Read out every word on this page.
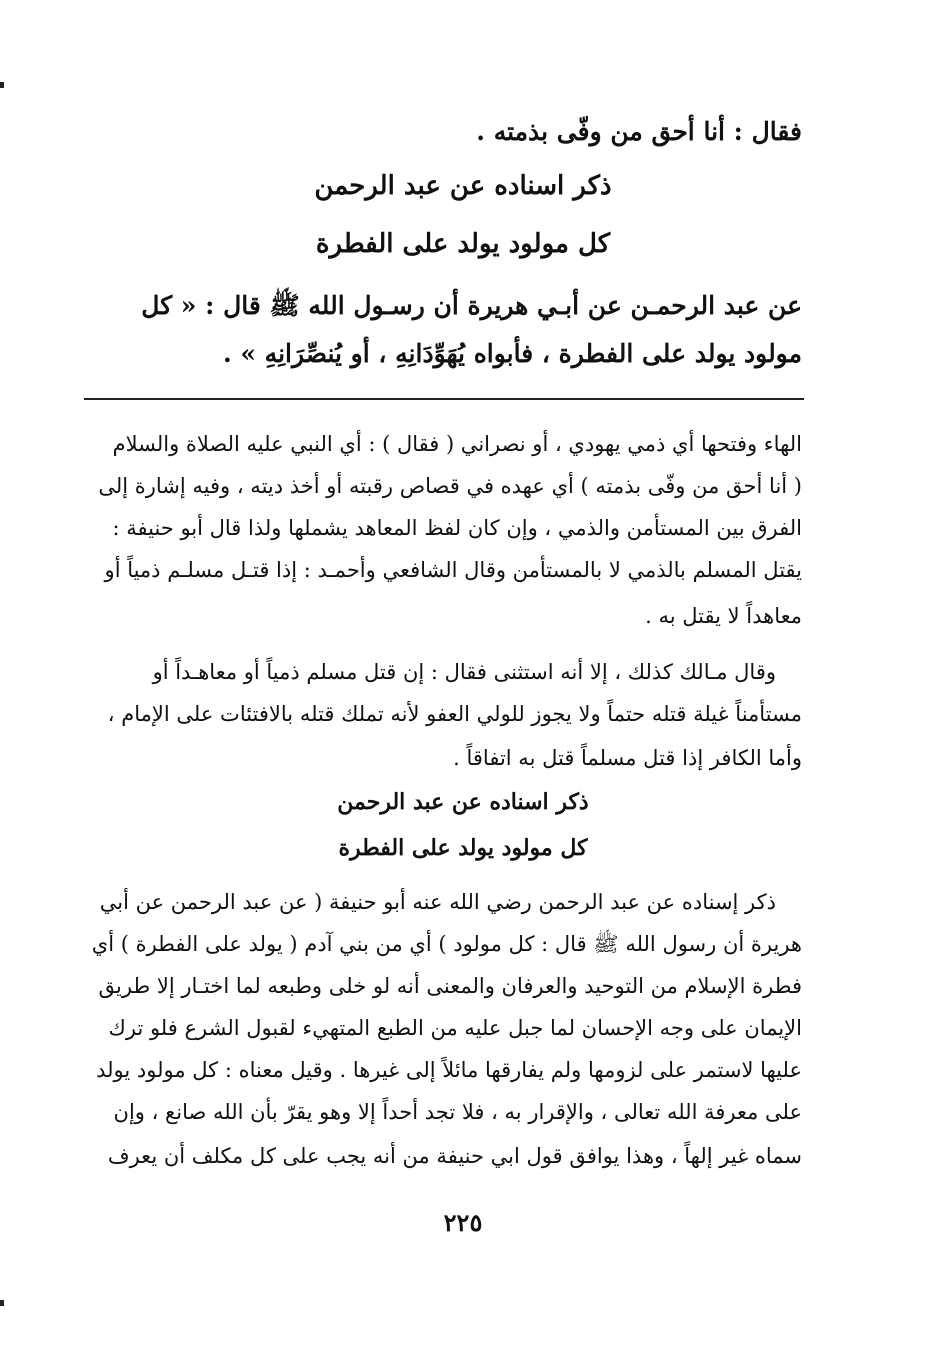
فقال : أنا أحق من وفّى بذمته .
ذكر اسناده عن عبد الرحمن
كل مولود يولد على الفطرة
عن عبد الرحمـن عن أبـي هريرة أن رسـول الله ﷺ قال : « كل
مولود يولد على الفطرة ، فأبواه يُهَوِّدَانِهِ ، أو يُنصِّرَانِهِ » .
الهاء وفتحها أي ذمي يهودي ، أو نصراني ( فقال ) : أي النبي عليه الصلاة والسلام
( أنا أحق من وفّى بذمته ) أي عهده في قصاص رقبته أو أخذ ديته ، وفيه إشارة إلى
الفرق بين المستأمن والذمي ، وإن كان لفظ المعاهد يشملها ولذا قال أبو حنيفة :
يقتل المسلم بالذمي لا بالمستأمن وقال الشافعي وأحمـد : إذا قتـل مسلـم ذمياً أو
معاهداً لا يقتل به .
وقال مـالك كذلك ، إلا أنه استثنى فقال : إن قتل مسلم ذمياً أو معاهـداً أو
مستأمناً غيلة قتله حتماً ولا يجوز للولي العفو لأنه تملك قتله بالافتئات على الإمام ،
وأما الكافر إذا قتل مسلماً قتل به اتفاقاً .
ذكر اسناده عن عبد الرحمن
كل مولود يولد على الفطرة
ذكر إسناده عن عبد الرحمن رضي الله عنه أبو حنيفة ( عن عبد الرحمن عن أبي
هريرة أن رسول الله ﷺ قال : كل مولود ) أي من بني آدم ( يولد على الفطرة ) أي
فطرة الإسلام من التوحيد والعرفان والمعنى أنه لو خلى وطبعه لما اختـار إلا طريق
الإيمان على وجه الإحسان لما جبل عليه من الطبع المتهيء لقبول الشرع فلو ترك
عليها لاستمر على لزومها ولم يفارقها مائلاً إلى غيرها . وقيل معناه : كل مولود يولد
على معرفة الله تعالى ، والإقرار به ، فلا تجد أحداً إلا وهو يقرّ بأن الله صانع ، وإن
سماه غير إلهاً ، وهذا يوافق قول ابي حنيفة من أنه يجب على كل مكلف أن يعرف
٢٢٥
